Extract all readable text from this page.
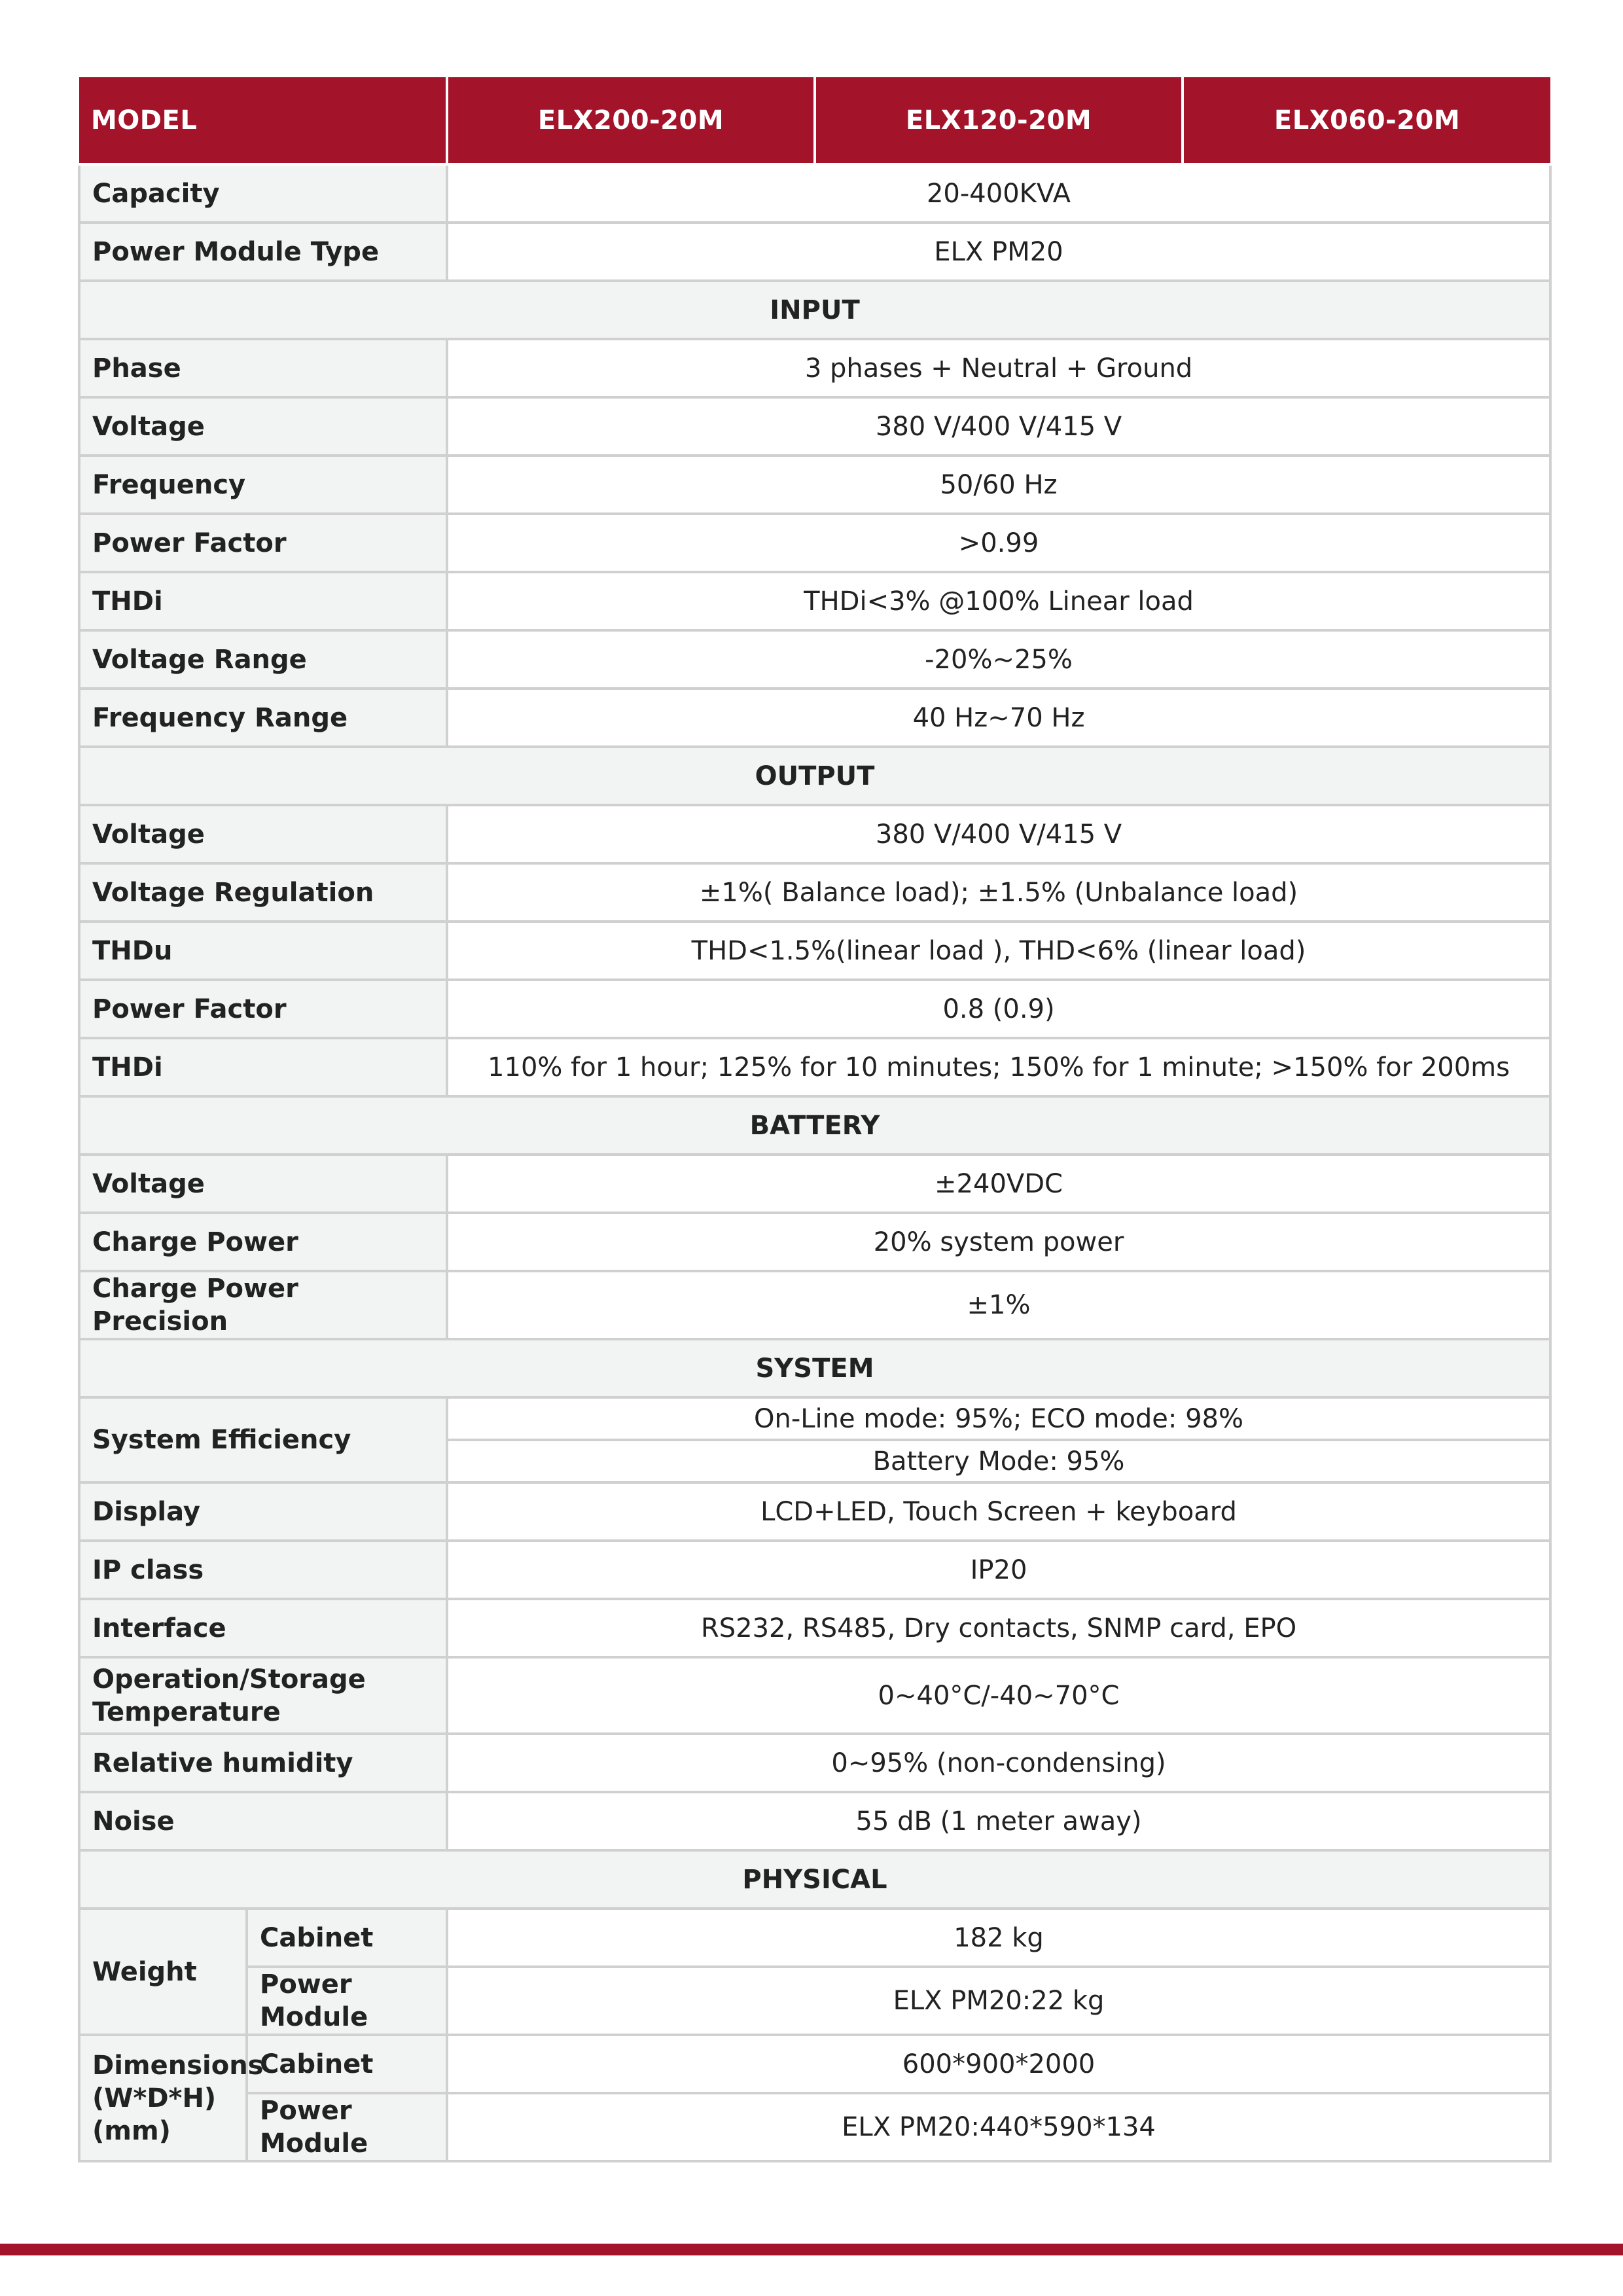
MODEL		ELX200-20M	ELX120-20M	ELX060-20M
Capacity		20-400KVA		
Power Module Type		ELX PM20		
INPUT				
Phase		3 phases + Neutral + Ground		
Voltage		380 V/400 V/415 V		
Frequency		50/60 Hz		
Power Factor		>0.99		
THDi		THDi<3% @100% Linear load		
Voltage Range		-20%~25%		
Frequency Range		40 Hz~70 Hz		
OUTPUT				
Voltage		380 V/400 V/415 V		
Voltage Regulation		±1%( Balance load); ±1.5% (Unbalance load)		
THDu		THD<1.5%(linear load ), THD<6% (linear load)		
Power Factor		0.8 (0.9)		
THDi		110% for 1 hour; 125% for 10 minutes; 150% for 1 minute; >150% for 200ms		
BATTERY				
Voltage		±240VDC		
Charge Power		20% system power		
Charge Power Precision		±1%		
SYSTEM				
System Efficiency		On-Line mode: 95%; ECO mode: 98%		
		Battery Mode: 95%		
Display		LCD+LED, Touch Screen + keyboard		
IP class		IP20		
Interface		RS232, RS485, Dry contacts, SNMP card, EPO		
Operation/Storage
Temperature		0~40°C/-40~70°C		
Relative humidity		0~95% (non-condensing)		
Noise		55 dB (1 meter away)		
PHYSICAL				
Weight	Cabinet	182 kg		
	Power Module	ELX PM20:22 kg		
Dimensions
(W*D*H)
(mm)	Cabinet	600*900*2000		
	Power Module	ELX PM20:440*590*134		
